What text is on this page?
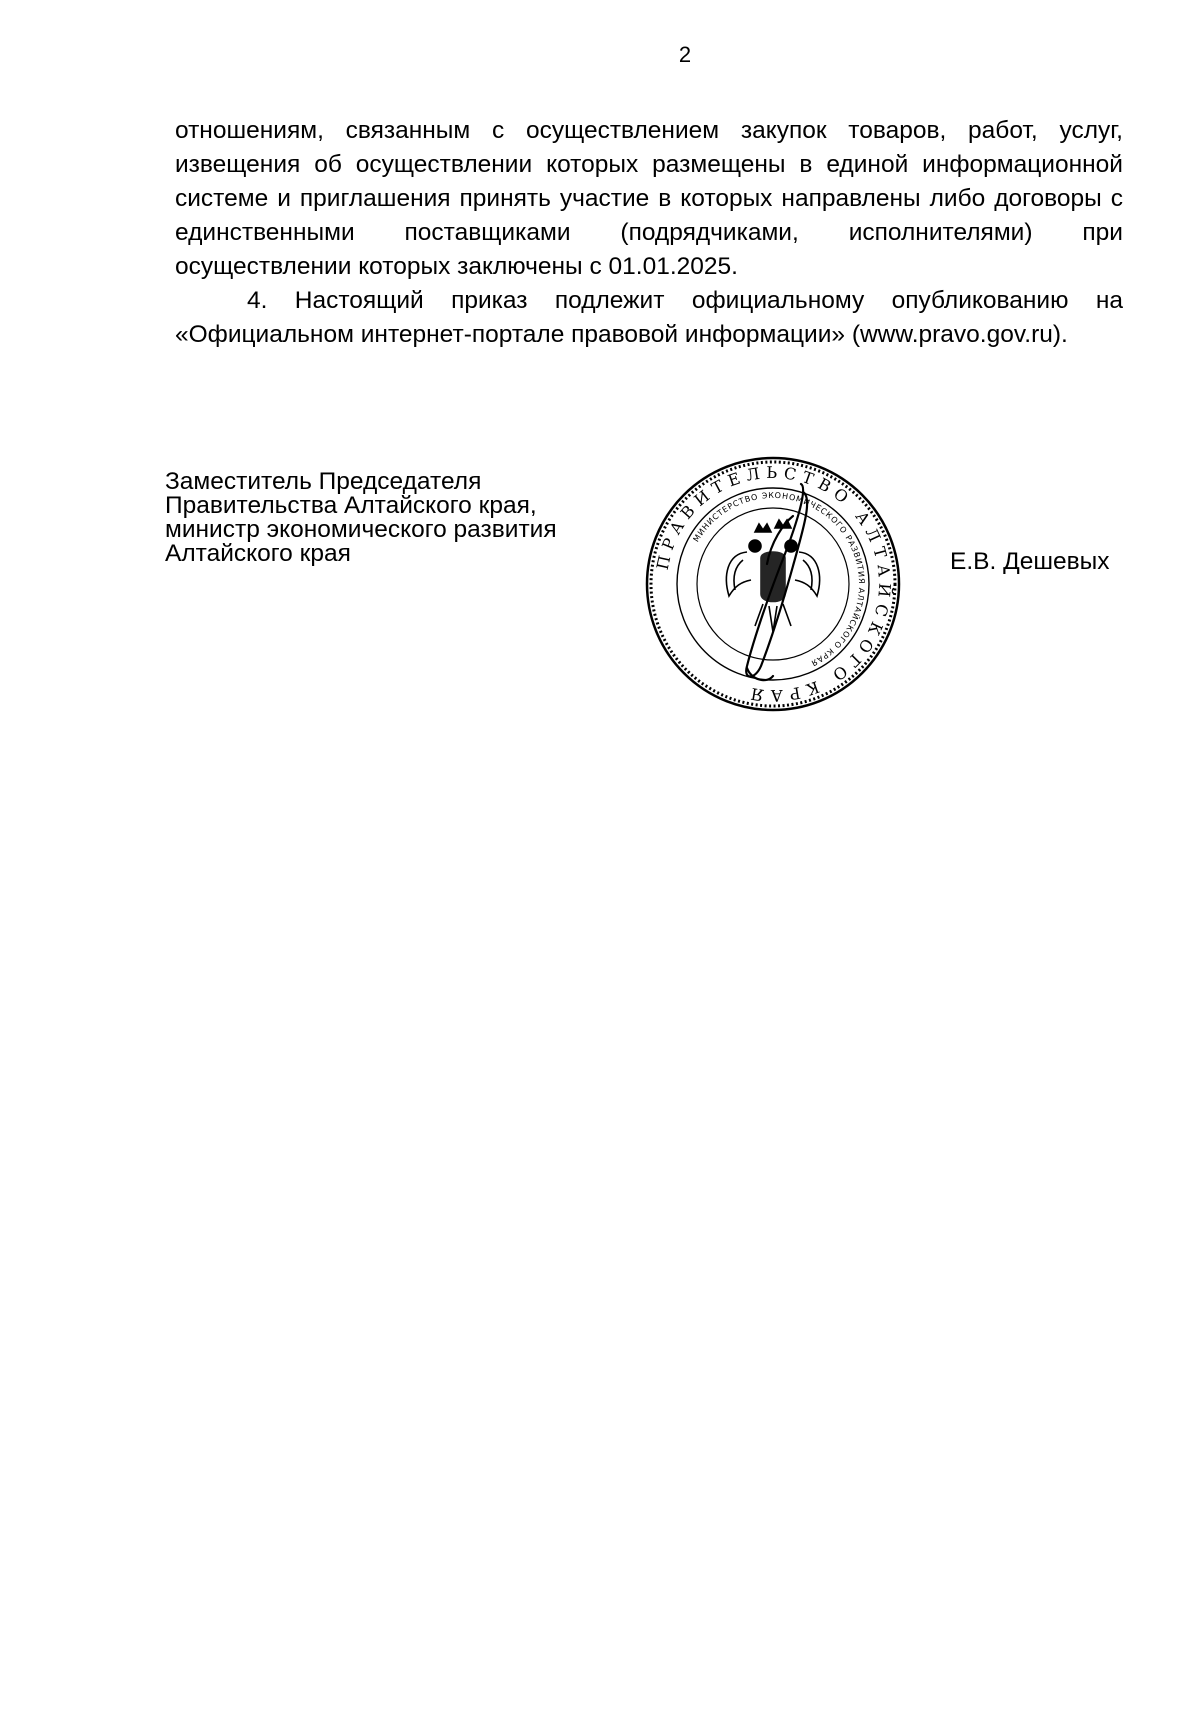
2

отношениям, связанным с осуществлением закупок товаров, работ, услуг, извещения об осуществлении которых размещены в единой информационной системе и приглашения принять участие в которых направлены либо договоры с единственными поставщиками (подрядчиками, исполнителями) при осуществлении которых заключены с 01.01.2025.

4. Настоящий приказ подлежит официальному опубликованию на «Официальном интернет-портале правовой информации» (www.pravo.gov.ru).

Заместитель Председателя
Правительства Алтайского края,
министр экономического развития
Алтайского края	ПРАВИТЕЛЬСТВО АЛТАЙСКОГО КРАЯ
МИНИСТЕРСТВО ЭКОНОМИЧЕСКОГО РАЗВИТИЯ АЛТАЙСКОГО КРАЯ
Е.В. Дешевых
